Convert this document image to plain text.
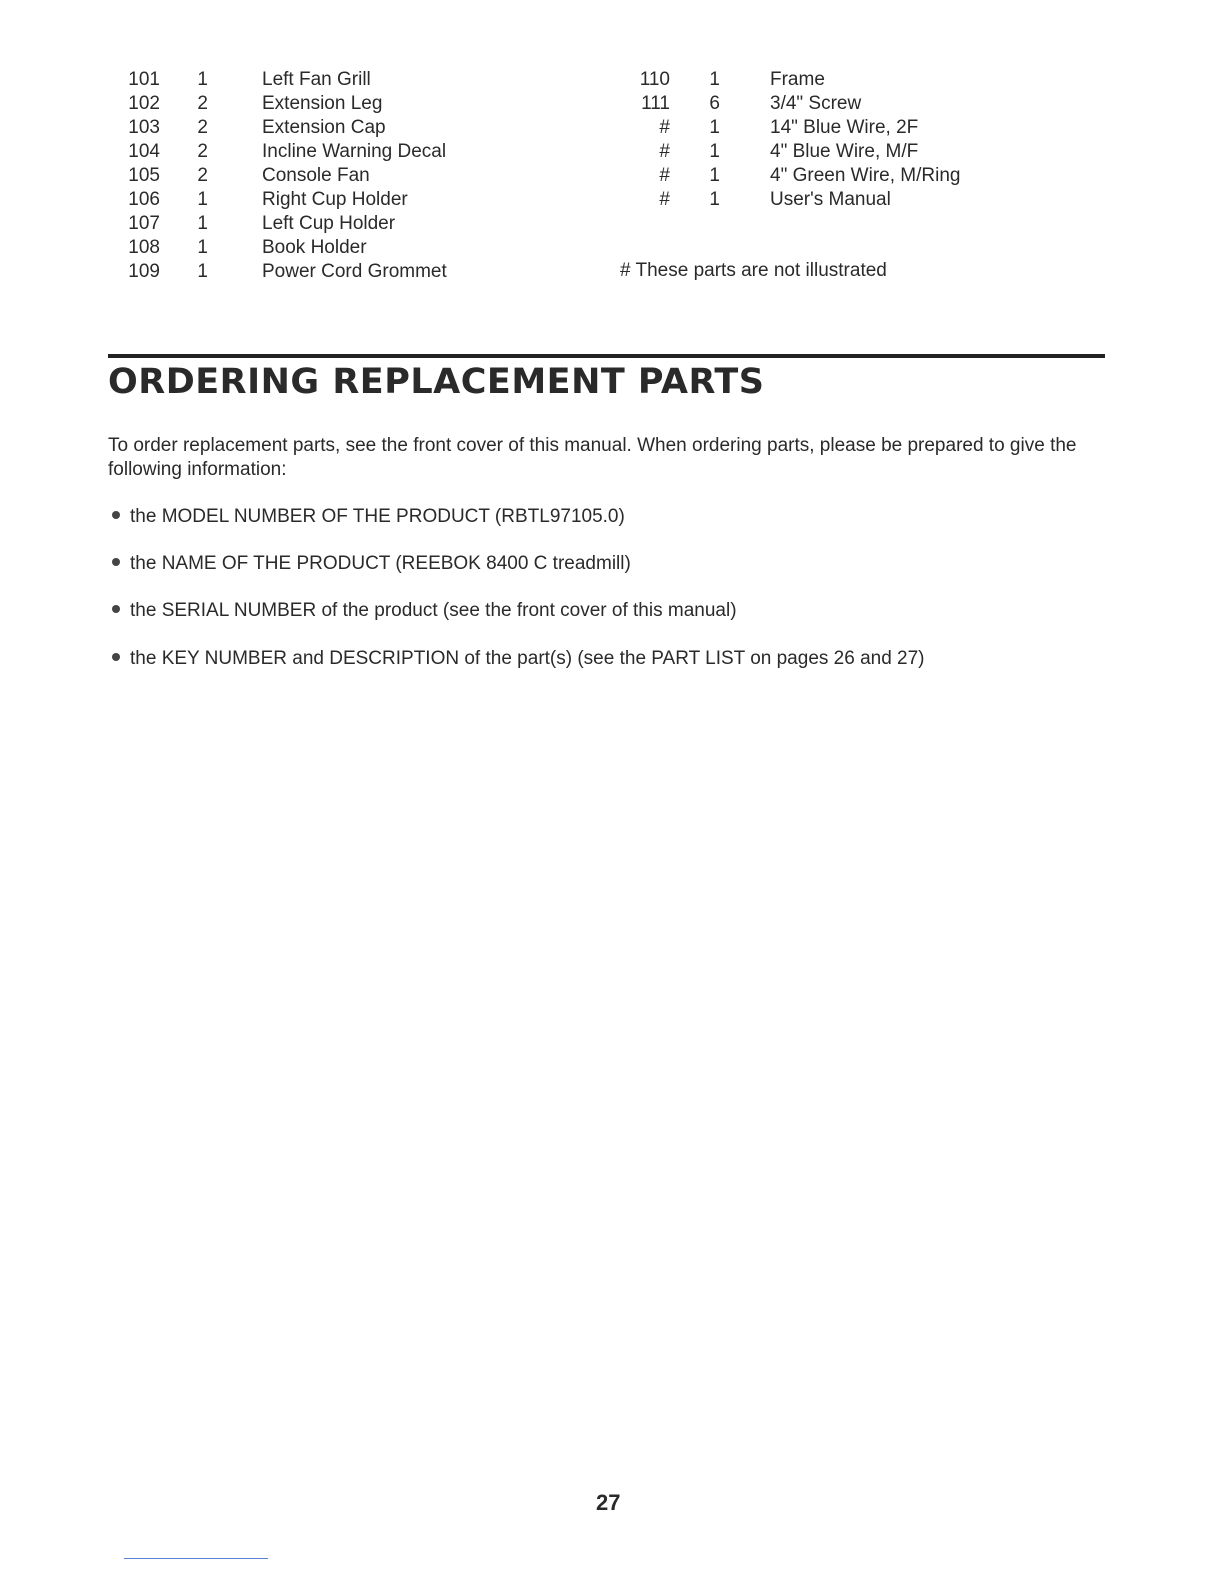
101	1	Left Fan Grill
102	2	Extension Leg
103	2	Extension Cap
104	2	Incline Warning Decal
105	2	Console Fan
106	1	Right Cup Holder
107	1	Left Cup Holder
108	1	Book Holder
109	1	Power Cord Grommet
110	1	Frame
111	6	3/4" Screw
#	1	14" Blue Wire, 2F
#	1	4" Blue Wire, M/F
#	1	4" Green Wire, M/Ring
#	1	User's Manual
# These parts are not illustrated
ORDERING REPLACEMENT PARTS

To order replacement parts, see the front cover of this manual. When ordering parts, please be prepared to give the following information:

the MODEL NUMBER OF THE PRODUCT (RBTL97105.0)
the NAME OF THE PRODUCT (REEBOK 8400 C treadmill)
the SERIAL NUMBER of the product (see the front cover of this manual)
the KEY NUMBER and DESCRIPTION of the part(s) (see the PART LIST on pages 26 and 27)
27
